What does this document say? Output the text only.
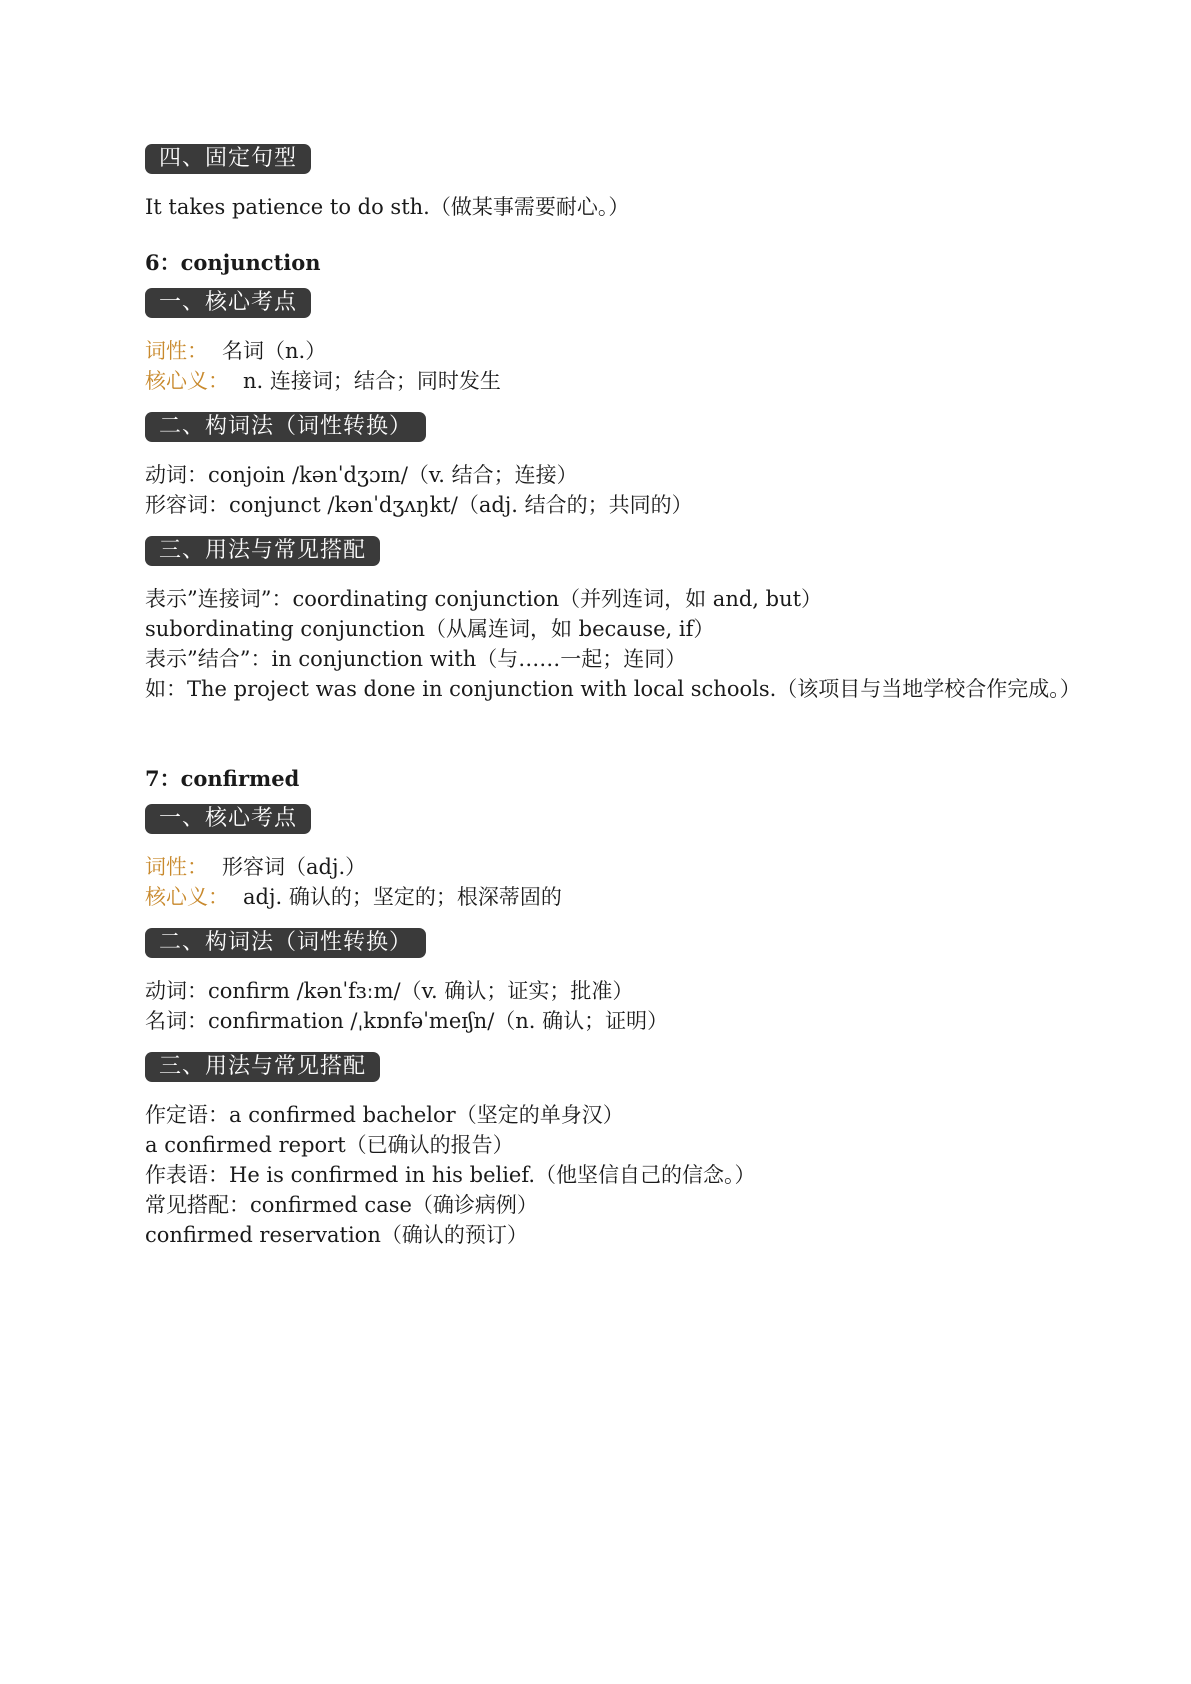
四、固定句型
It takes patience to do sth.（做某事需要耐心。）
6：conjunction
一、核心考点
词性： 名词（n.）
核心义： n. 连接词；结合；同时发生
二、构词法（词性转换）
动词：conjoin /kənˈdʒɔɪn/（v. 结合；连接）
形容词：conjunct /kənˈdʒʌŋkt/（adj. 结合的；共同的）
三、用法与常见搭配
表示”连接词”：coordinating conjunction（并列连词，如 and, but）
subordinating conjunction（从属连词，如 because, if）
表示”结合”：in conjunction with（与……一起；连同）
如：The project was done in conjunction with local schools.（该项目与当地学校合作完成。）
7：confirmed
一、核心考点
词性： 形容词（adj.）
核心义： adj. 确认的；坚定的；根深蒂固的
二、构词法（词性转换）
动词：confirm /kənˈfɜːm/（v. 确认；证实；批准）
名词：confirmation /ˌkɒnfəˈmeɪʃn/（n. 确认；证明）
三、用法与常见搭配
作定语：a confirmed bachelor（坚定的单身汉）
a confirmed report（已确认的报告）
作表语：He is confirmed in his belief.（他坚信自己的信念。）
常见搭配：confirmed case（确诊病例）
confirmed reservation（确认的预订）
